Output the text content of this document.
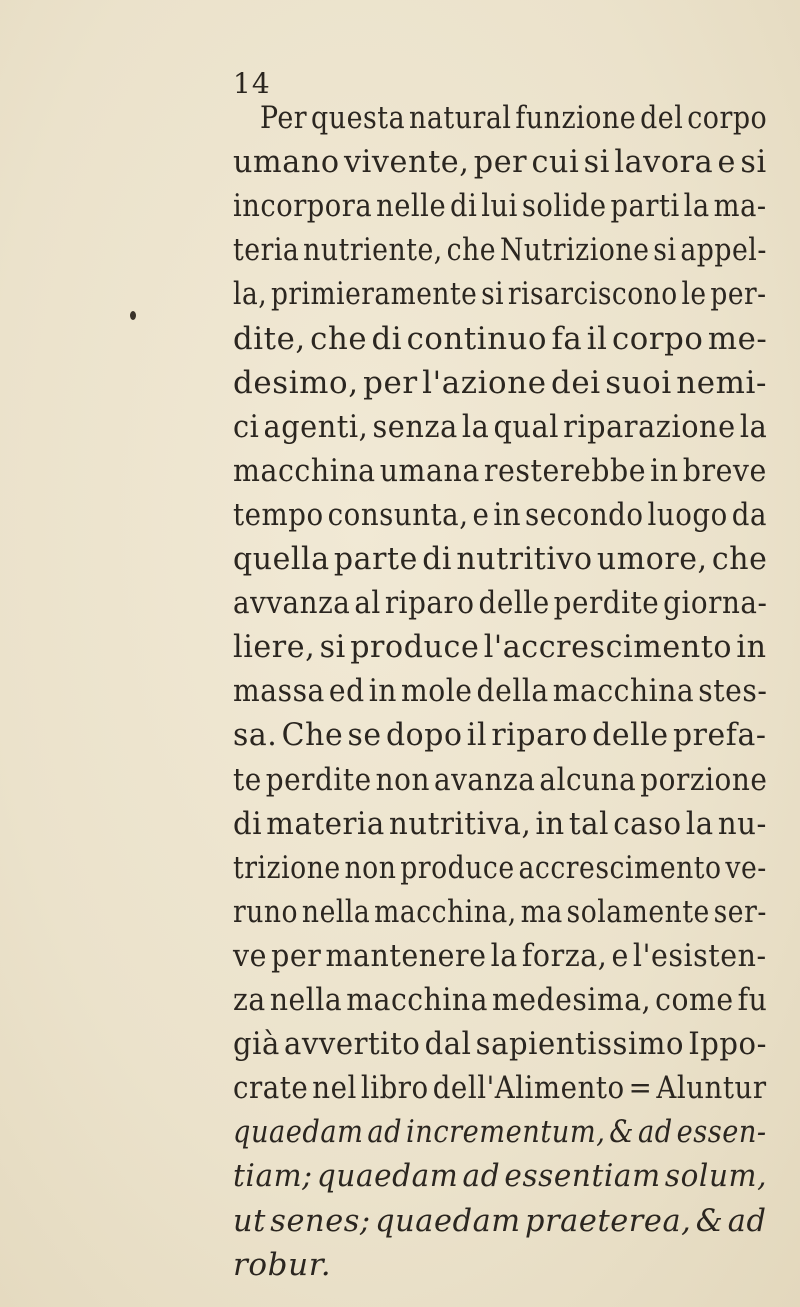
14
Per questa natural funzione del corpo
umano vivente, per cui si lavora e si
incorpora nelle di lui solide parti la ma-
teria nutriente, che Nutrizione si appel-
la, primieramente si risarciscono le per-
dite, che di continuo fa il corpo me-
desimo, per l'azione dei suoi nemi-
ci agenti, senza la qual riparazione la
macchina umana resterebbe in breve
tempo consunta, e in secondo luogo da
quella parte di nutritivo umore, che
avvanza al riparo delle perdite giorna-
liere, si produce l'accrescimento in
massa ed in mole della macchina stes-
sa. Che se dopo il riparo delle prefa-
te perdite non avanza alcuna porzione
di materia nutritiva, in tal caso la nu-
trizione non produce accrescimento ve-
runo nella macchina, ma solamente ser-
ve per mantenere la forza, e l'esisten-
za nella macchina medesima, come fu
già avvertito dal sapientissimo Ippo-
crate nel libro dell'Alimento = Aluntur
quaedam ad incrementum, & ad essen-
tiam; quaedam ad essentiam solum,
ut senes; quaedam praeterea, & ad
robur.
